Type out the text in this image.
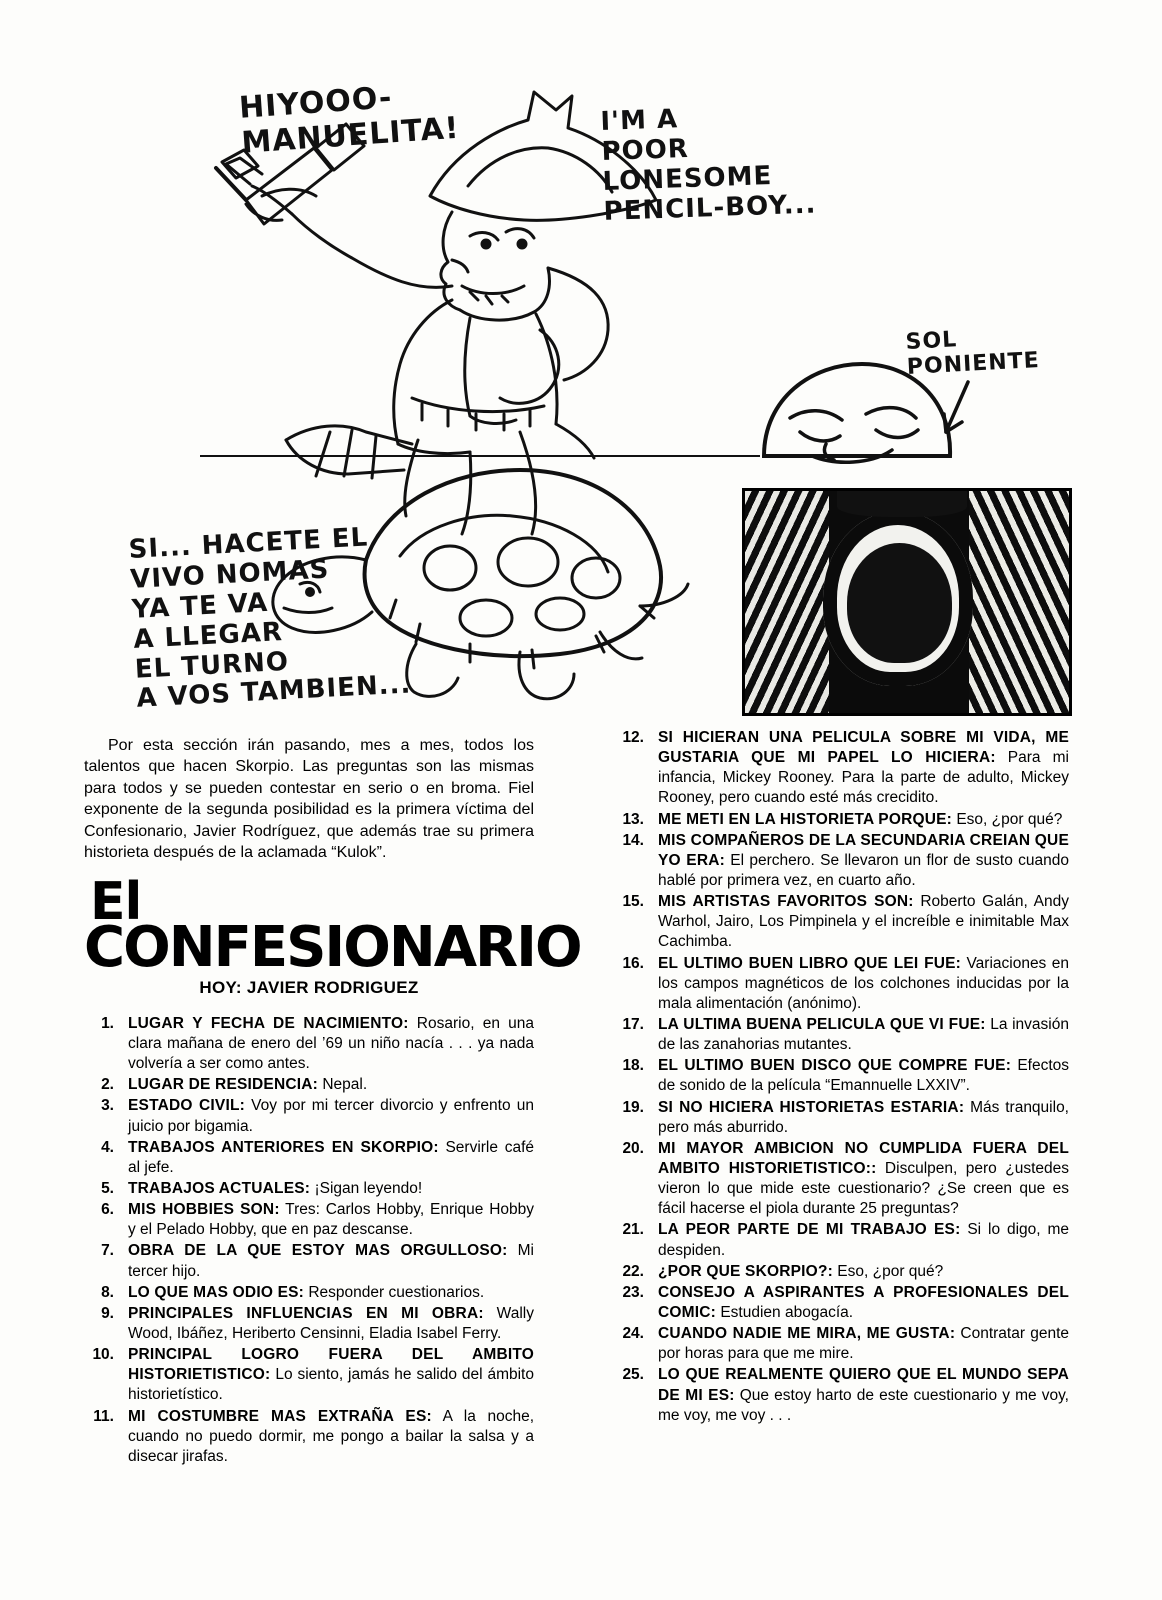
HIYOOO-
MANUELITA!	I'M A
POOR
LONESOME
PENCIL-BOY...
SOL
PONIENTE
SI... HACETE EL
VIVO NOMAS
YA TE VA
A LLEGAR
EL TURNO
A VOS TAMBIEN...

Por esta sección irán pasando, mes a mes, todos los talentos que hacen Skorpio. Las preguntas son las mismas para todos y se pueden contestar en serio o en broma. Fiel exponente de la segunda posibilidad es la primera víctima del Confesionario, Javier Rodríguez, que además trae su primera historieta después de la aclamada “Kulok”.

El
CONFESIONARIO
HOY: JAVIER RODRIGUEZ
1. LUGAR Y FECHA DE NACIMIENTO: Rosario, en una clara mañana de enero del ’69 un niño nacía . . . ya nada volvería a ser como antes.
2. LUGAR DE RESIDENCIA: Nepal.
3. ESTADO CIVIL: Voy por mi tercer divorcio y enfrento un juicio por bigamia.
4. TRABAJOS ANTERIORES EN SKORPIO: Servirle café al jefe.
5. TRABAJOS ACTUALES: ¡Sigan leyendo!
6. MIS HOBBIES SON: Tres: Carlos Hobby, Enrique Hobby y el Pelado Hobby, que en paz descanse.
7. OBRA DE LA QUE ESTOY MAS ORGULLOSO: Mi tercer hijo.
8. LO QUE MAS ODIO ES: Responder cuestionarios.
9. PRINCIPALES INFLUENCIAS EN MI OBRA: Wally Wood, Ibáñez, Heriberto Censinni, Eladia Isabel Ferry.
10. PRINCIPAL LOGRO FUERA DEL AMBITO HISTORIETISTICO: Lo siento, jamás he salido del ámbito historietístico.
11. MI COSTUMBRE MAS EXTRAÑA ES: A la noche, cuando no puedo dormir, me pongo a bailar la salsa y a disecar jirafas.
12. SI HICIERAN UNA PELICULA SOBRE MI VIDA, ME GUSTARIA QUE MI PAPEL LO HICIERA: Para mi infancia, Mickey Rooney. Para la parte de adulto, Mickey Rooney, pero cuando esté más crecidito.
13. ME METI EN LA HISTORIETA PORQUE: Eso, ¿por qué?
14. MIS COMPAÑEROS DE LA SECUNDARIA CREIAN QUE YO ERA: El perchero. Se llevaron un flor de susto cuando hablé por primera vez, en cuarto año.
15. MIS ARTISTAS FAVORITOS SON: Roberto Galán, Andy Warhol, Jairo, Los Pimpinela y el increíble e inimitable Max Cachimba.
16. EL ULTIMO BUEN LIBRO QUE LEI FUE: Variaciones en los campos magnéticos de los colchones inducidas por la mala alimentación (anónimo).
17. LA ULTIMA BUENA PELICULA QUE VI FUE: La invasión de las zanahorias mutantes.
18. EL ULTIMO BUEN DISCO QUE COMPRE FUE: Efectos de sonido de la película “Emannuelle LXXIV”.
19. SI NO HICIERA HISTORIETAS ESTARIA: Más tranquilo, pero más aburrido.
20. MI MAYOR AMBICION NO CUMPLIDA FUERA DEL AMBITO HISTORIETISTICO:: Disculpen, pero ¿ustedes vieron lo que mide este cuestionario? ¿Se creen que es fácil hacerse el piola durante 25 preguntas?
21. LA PEOR PARTE DE MI TRABAJO ES: Si lo digo, me despiden.
22. ¿POR QUE SKORPIO?: Eso, ¿por qué?
23. CONSEJO A ASPIRANTES A PROFESIONALES DEL COMIC: Estudien abogacía.
24. CUANDO NADIE ME MIRA, ME GUSTA: Contratar gente por horas para que me mire.
25. LO QUE REALMENTE QUIERO QUE EL MUNDO SEPA DE MI ES: Que estoy harto de este cuestionario y me voy, me voy, me voy . . .
